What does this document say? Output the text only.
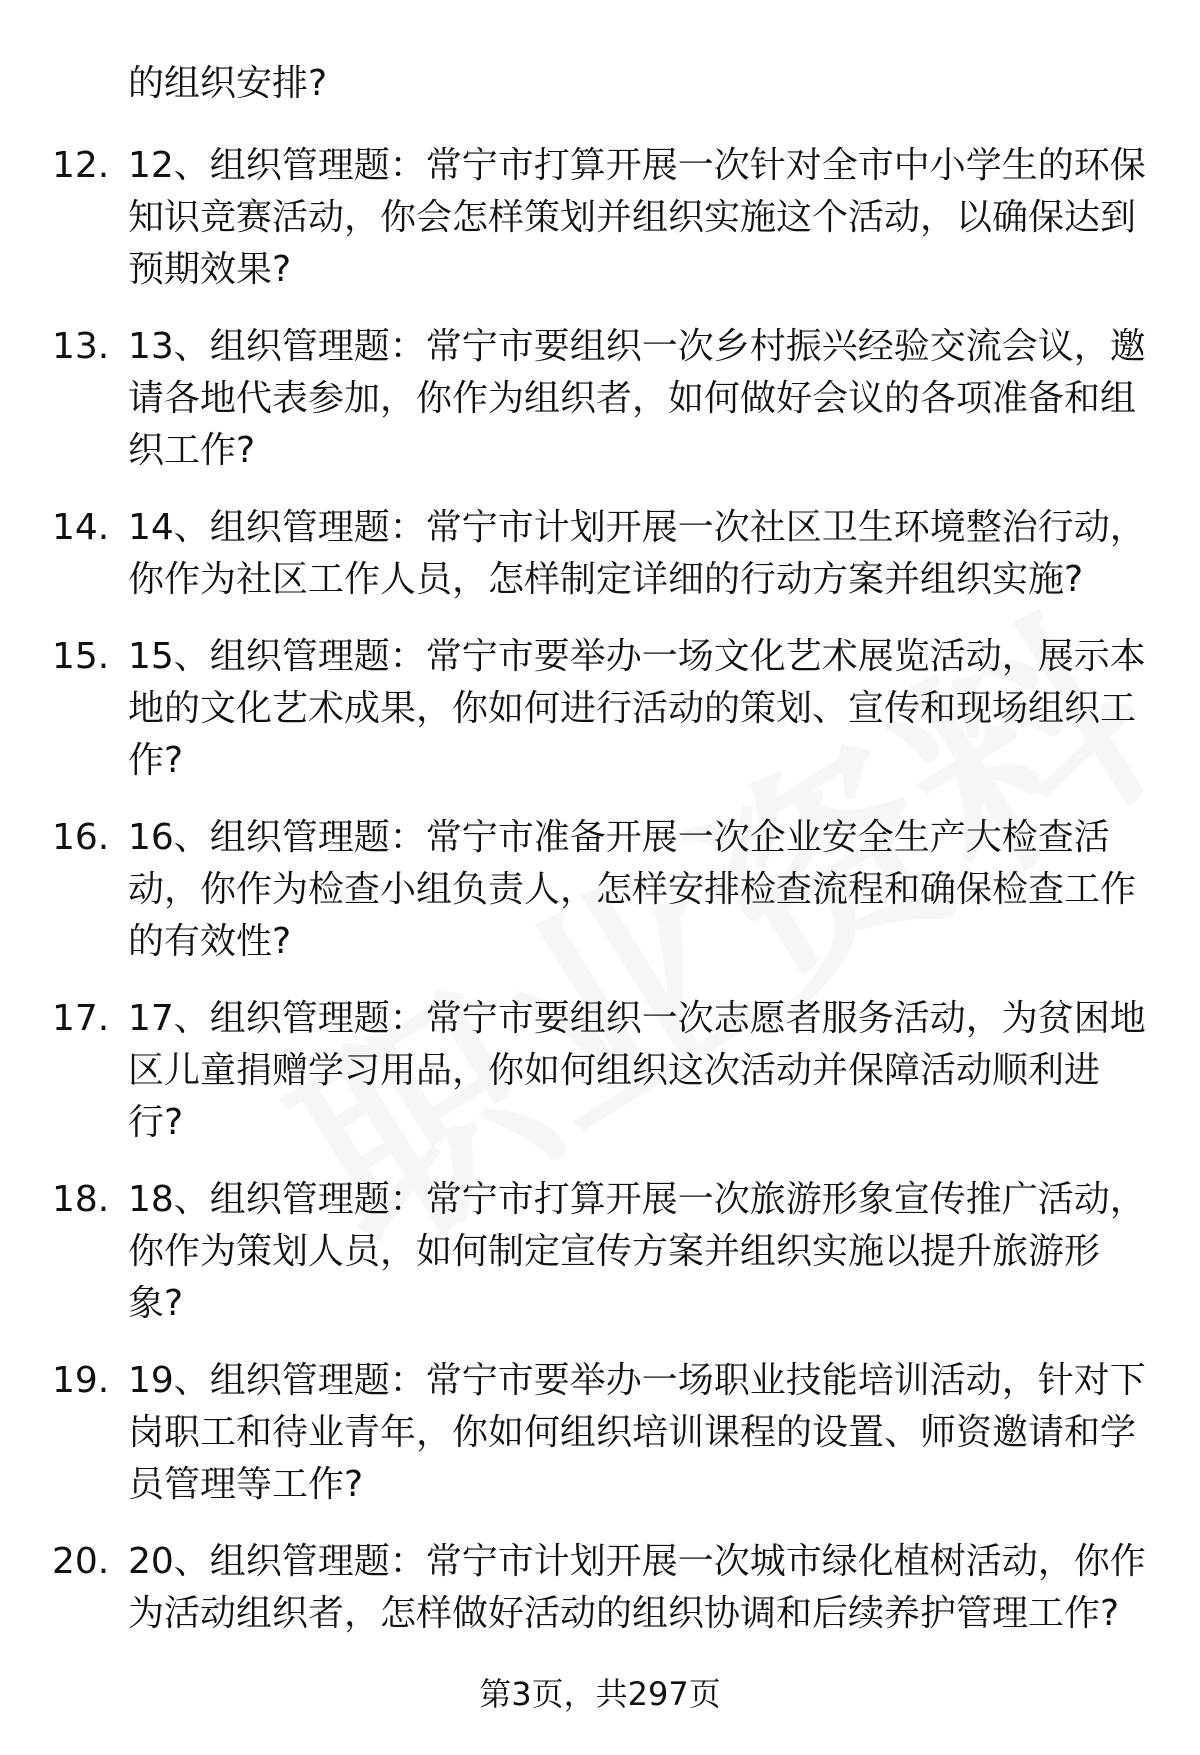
的组织安排?
12. 12、组织管理题：常宁市打算开展一次针对全市中小学生的环保知识竞赛活动，你会怎样策划并组织实施这个活动，以确保达到预期效果?
13. 13、组织管理题：常宁市要组织一次乡村振兴经验交流会议，邀请各地代表参加，你作为组织者，如何做好会议的各项准备和组织工作?
14. 14、组织管理题：常宁市计划开展一次社区卫生环境整治行动，你作为社区工作人员，怎样制定详细的行动方案并组织实施?
15. 15、组织管理题：常宁市要举办一场文化艺术展览活动，展示本地的文化艺术成果，你如何进行活动的策划、宣传和现场组织工作?
16. 16、组织管理题：常宁市准备开展一次企业安全生产大检查活动，你作为检查小组负责人，怎样安排检查流程和确保检查工作的有效性?
17. 17、组织管理题：常宁市要组织一次志愿者服务活动，为贫困地区儿童捐赠学习用品，你如何组织这次活动并保障活动顺利进行?
18. 18、组织管理题：常宁市打算开展一次旅游形象宣传推广活动，你作为策划人员，如何制定宣传方案并组织实施以提升旅游形象?
19. 19、组织管理题：常宁市要举办一场职业技能培训活动，针对下岗职工和待业青年，你如何组织培训课程的设置、师资邀请和学员管理等工作?
20. 20、组织管理题：常宁市计划开展一次城市绿化植树活动，你作为活动组织者，怎样做好活动的组织协调和后续养护管理工作?
第3页，共297页
